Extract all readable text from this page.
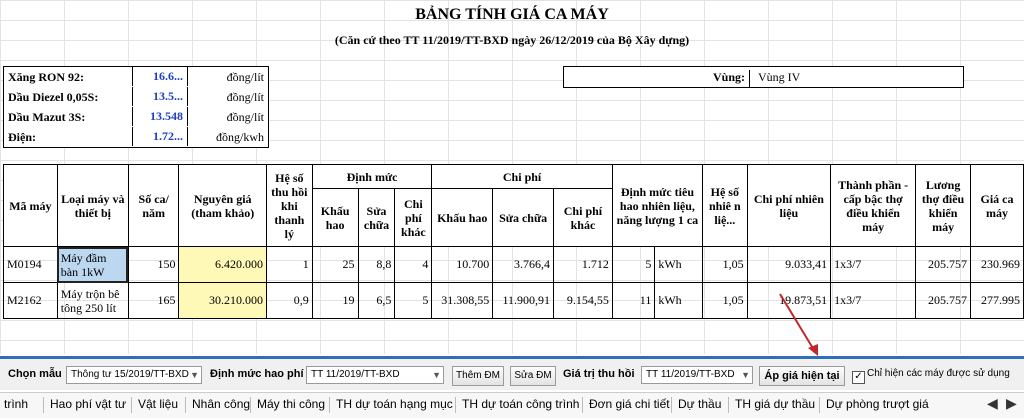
BẢNG TÍNH GIÁ CA MÁY
(Căn cứ theo TT 11/2019/TT-BXD ngày 26/12/2019 của Bộ Xây dựng)
Xăng RON 92:	16.6...	đồng/lít
Dầu Diezel 0,05S:	13.5...	đồng/lít
Dầu Mazut 3S:	13.548	đồng/lít
Điện:	1.72...	đồng/kwh
Vùng:	Vùng IV
Mã máy	Loại máy và thiết bị	Số ca/ năm	Nguyên giá (tham khảo)	Hệ số thu hồi khi thanh lý	Định mức			Chi phí			Định mức tiêu hao nhiên liệu, năng lượng 1 ca		Hệ số nhiê n liệ...	Chi phí nhiên liệu	Thành phần - cấp bậc thợ điều khiển máy	Lương thợ điều khiển máy	Giá ca máy
					Khấu hao	Sửa chữa	Chi phí khác	Khấu hao	Sửa chữa	Chi phí khác							
M0194	Máy đầm bàn 1kW	150	6.420.000	1	25	8,8	4	10.700	3.766,4	1.712	5	kWh	1,05	9.033,41	1x3/7	205.757	230.969
M2162	Máy trộn bê tông 250 lít	165	30.210.000	0,9	19	6,5	5	31.308,55	11.900,91	9.154,55	11	kWh	1,05	19.873,51	1x3/7	205.757	277.995
Chọn mẫu Thông tư 15/2019/TT-BXD ▼ Định mức hao phí TT 11/2019/TT-BXD	▼	Thêm ĐM	Sửa ĐM	Giá trị thu hồi	TT 11/2019/TT-BXD ▼	Áp giá hiện tại	✓ Chỉ hiện các máy được sử dụng
trình Hao phí vật tư Vật liệu Nhân công Máy thi công TH dự toán hạng mục TH dự toán công trình Đơn giá chi tiết Dự thầu TH giá dự thầu Dự phòng trượt giá	◀ ▶
